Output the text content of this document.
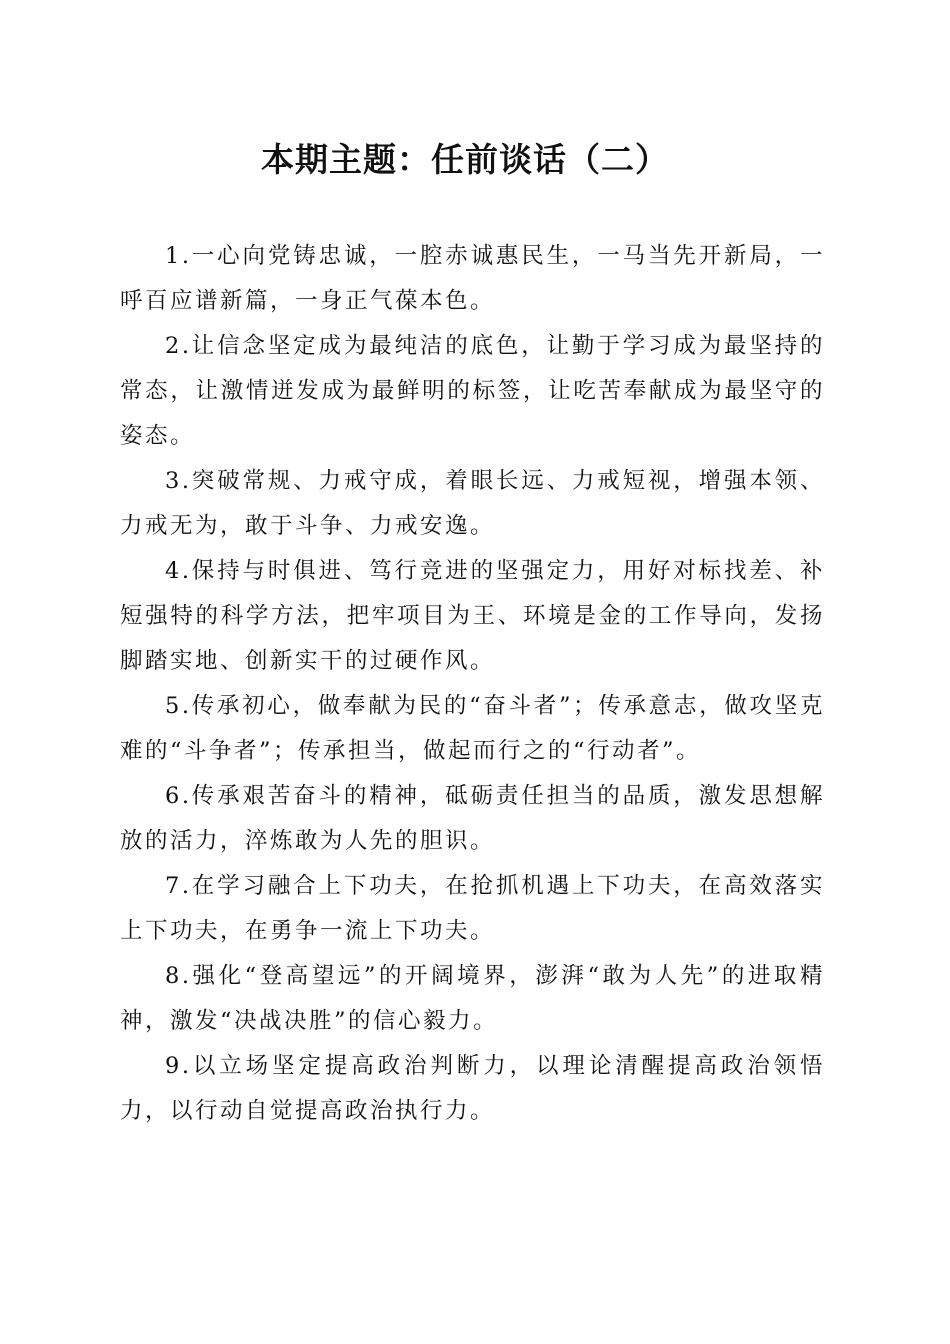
本期主题：任前谈话（二）

1.一心向党铸忠诚，一腔赤诚惠民生，一马当先开新局，一呼百应谱新篇，一身正气葆本色。

2.让信念坚定成为最纯洁的底色，让勤于学习成为最坚持的常态，让激情迸发成为最鲜明的标签，让吃苦奉献成为最坚守的姿态。

3.突破常规、力戒守成，着眼长远、力戒短视，增强本领、力戒无为，敢于斗争、力戒安逸。

4.保持与时俱进、笃行竞进的坚强定力，用好对标找差、补短强特的科学方法，把牢项目为王、环境是金的工作导向，发扬脚踏实地、创新实干的过硬作风。

5.传承初心，做奉献为民的“奋斗者”；传承意志，做攻坚克难的“斗争者”；传承担当，做起而行之的“行动者”。

6.传承艰苦奋斗的精神，砥砺责任担当的品质，激发思想解放的活力，淬炼敢为人先的胆识。

7.在学习融合上下功夫，在抢抓机遇上下功夫，在高效落实上下功夫，在勇争一流上下功夫。

8.强化“登高望远”的开阔境界，澎湃“敢为人先”的进取精神，激发“决战决胜”的信心毅力。

9.以立场坚定提高政治判断力，以理论清醒提高政治领悟力，以行动自觉提高政治执行力。
